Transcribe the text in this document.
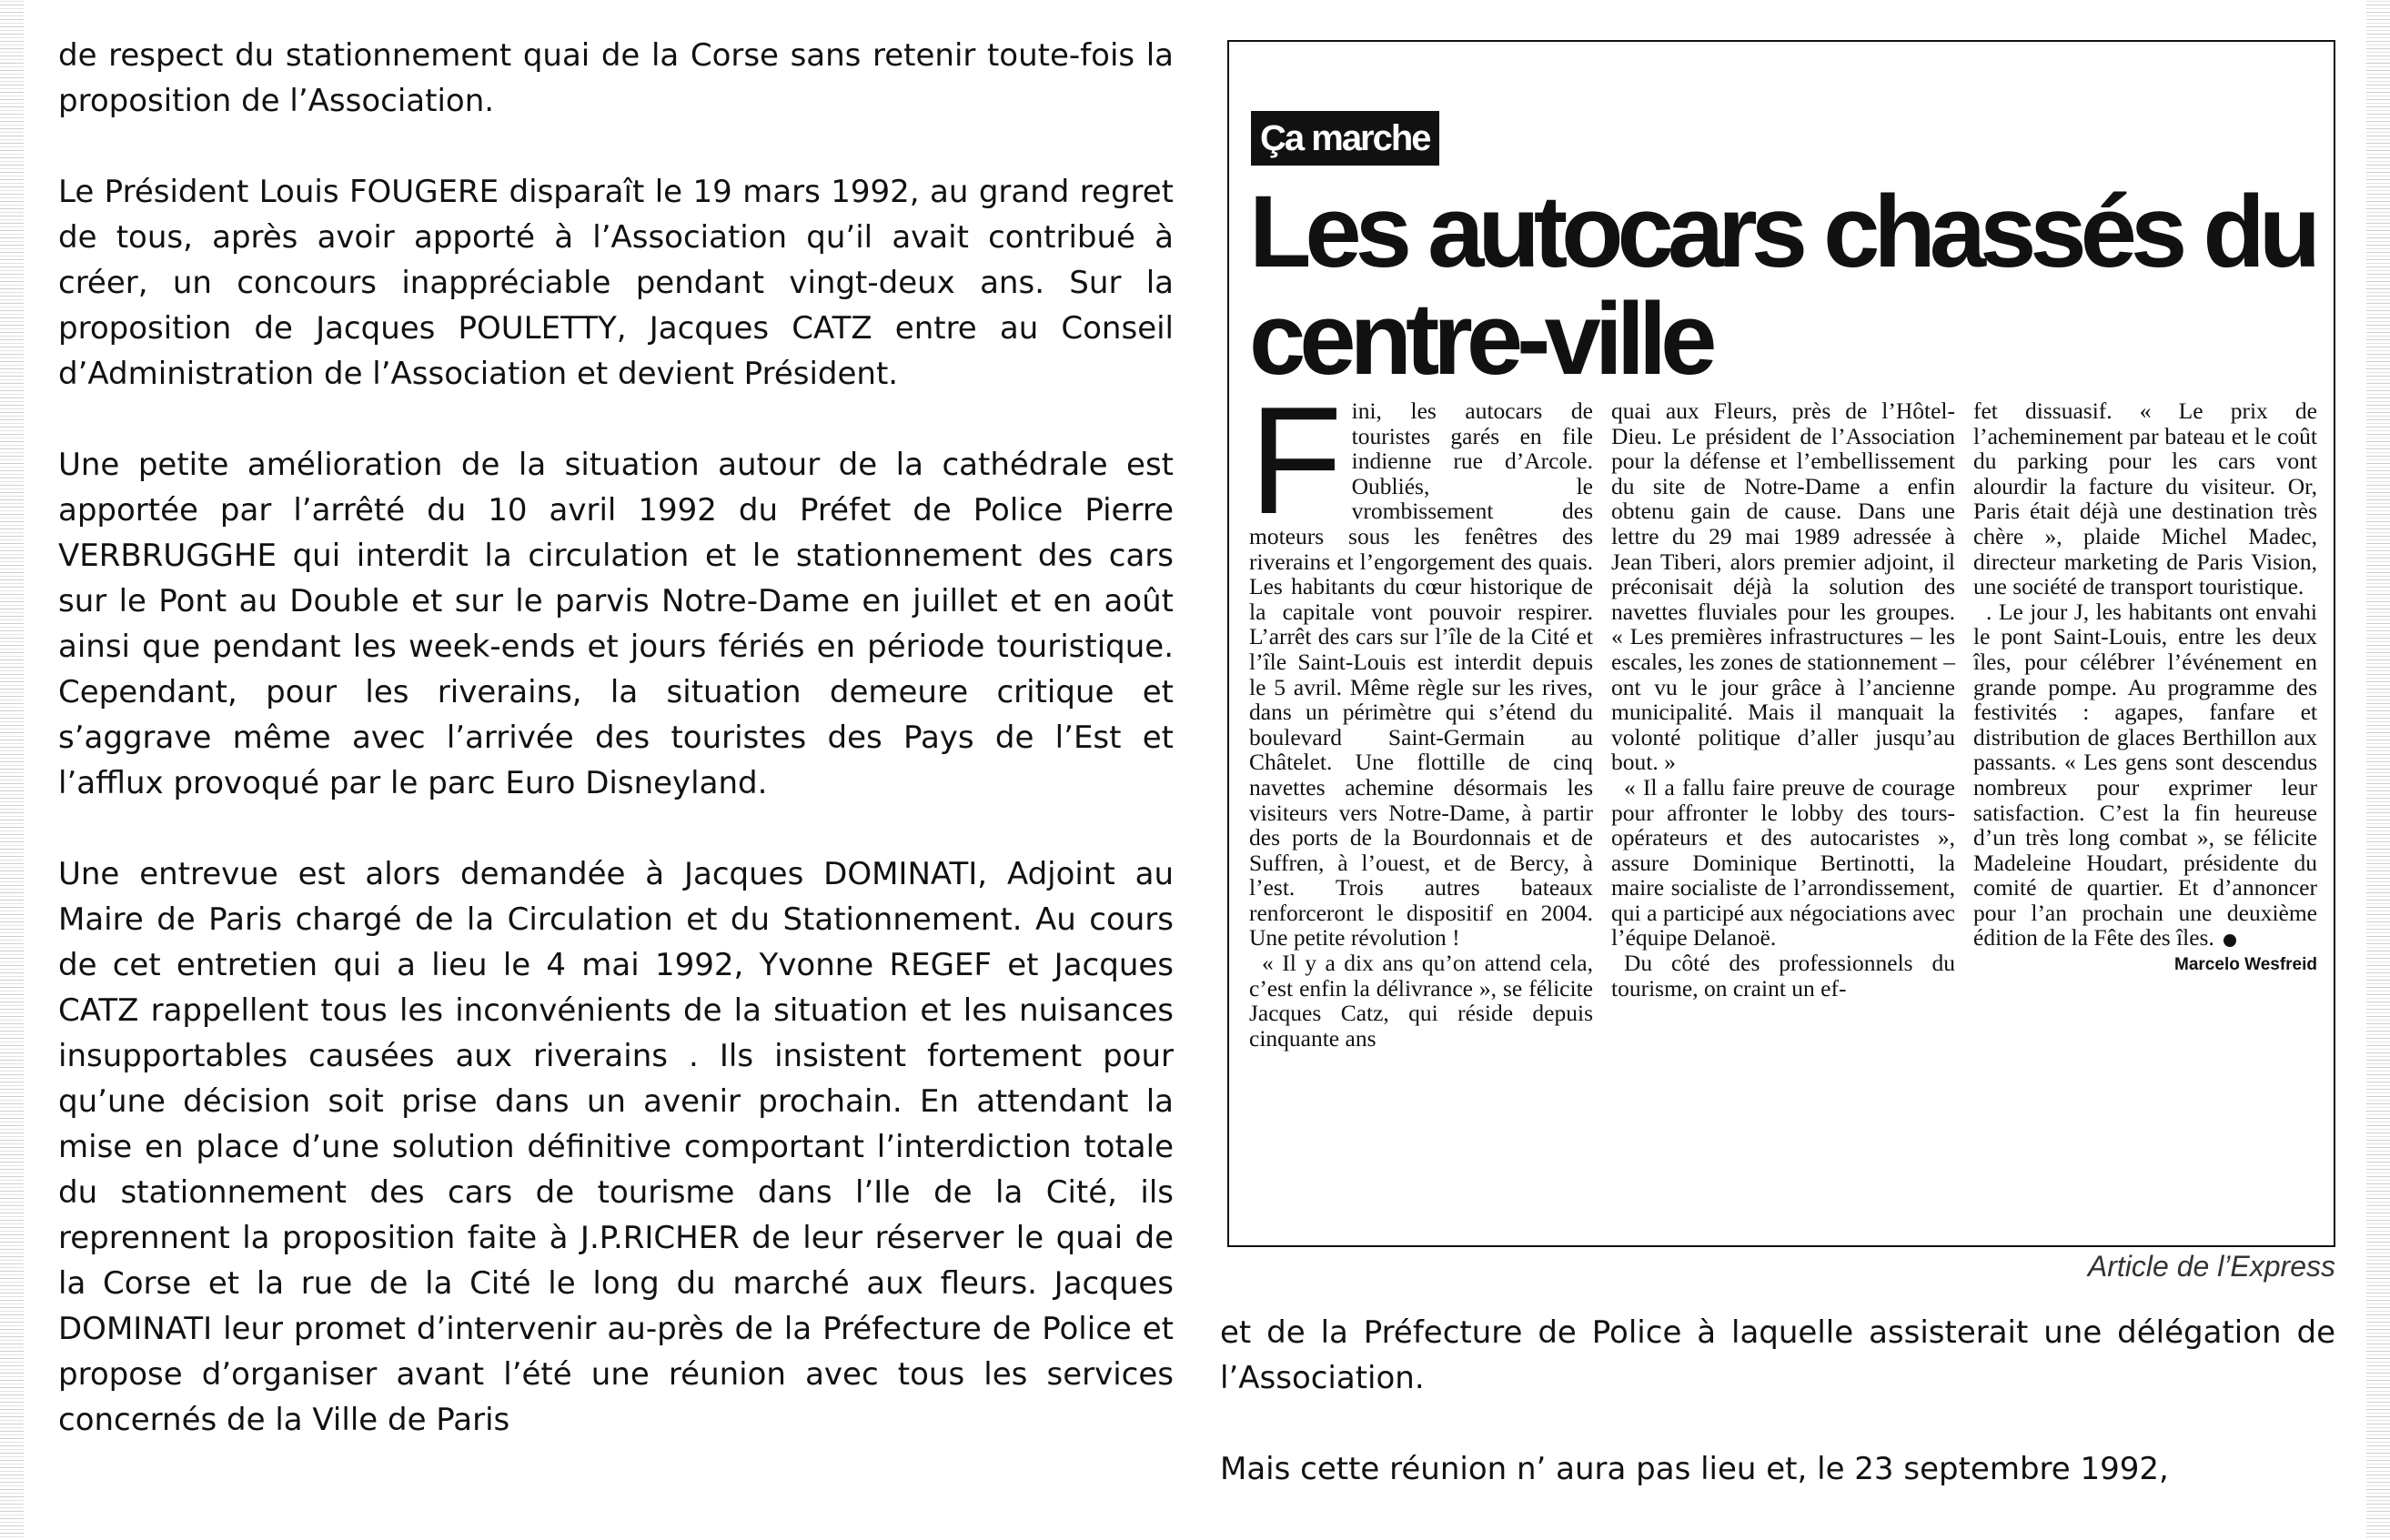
de respect du stationnement quai de la Corse sans retenir toute-fois la proposition de l’Association.

Le Président Louis FOUGERE disparaît le 19 mars 1992, au grand regret de tous, après avoir apporté à l’Association qu’il avait contribué à créer, un concours inappréciable pendant vingt-deux ans. Sur la proposition de Jacques POULETTY, Jacques CATZ entre au Conseil d’Administration de l’Association et devient Président.

Une petite amélioration de la situation autour de la cathédrale est apportée par l’arrêté du 10 avril 1992 du Préfet de Police Pierre VERBRUGGHE qui interdit la circulation et le stationnement des cars sur le Pont au Double et sur le parvis Notre-Dame en juillet et en août ainsi que pendant les week-ends et jours fériés en période touristique. Cependant, pour les riverains, la situation demeure critique et s’aggrave même avec l’arrivée des touristes des Pays de l’Est et l’afflux provoqué par le parc Euro Disneyland.

Une entrevue est alors demandée à Jacques DOMINATI, Adjoint au Maire de Paris chargé de la Circulation et du Stationnement. Au cours de cet entretien qui a lieu le 4 mai 1992, Yvonne REGEF et Jacques CATZ rappellent tous les inconvénients de la situation et les nuisances insupportables causées aux riverains . Ils insistent fortement pour qu’une décision soit prise dans un avenir prochain. En attendant la mise en place d’une solution définitive comportant l’interdiction totale du stationnement des cars de tourisme dans l’Ile de la Cité, ils reprennent la proposition faite à J.P.RICHER de leur réserver le quai de la Corse et la rue de la Cité le long du marché aux fleurs. Jacques DOMINATI leur promet d’intervenir au-près de la Préfecture de Police et propose d’organiser avant l’été une réunion avec tous les services concernés de la Ville de Paris

Ça marche
Les autocars chassés du centre-ville

Fini, les autocars de touristes garés en file indienne rue d’Arcole. Oubliés, le vrombissement des moteurs sous les fenêtres des riverains et l’engorgement des quais. Les habitants du cœur historique de la capitale vont pouvoir respirer. L’arrêt des cars sur l’île de la Cité et l’île Saint-Louis est interdit depuis le 5 avril. Même règle sur les rives, dans un périmètre qui s’étend du boulevard Saint-Germain au Châtelet. Une flottille de cinq navettes achemine désormais les visiteurs vers Notre-Dame, à partir des ports de la Bourdonnais et de Suffren, à l’ouest, et de Bercy, à l’est. Trois autres bateaux renforceront le dispositif en 2004. Une petite révolution !

« Il y a dix ans qu’on attend cela, c’est enfin la délivrance », se félicite Jacques Catz, qui réside depuis cinquante ans

quai aux Fleurs, près de l’Hôtel-Dieu. Le président de l’Association pour la défense et l’embellissement du site de Notre-Dame a enfin obtenu gain de cause. Dans une lettre du 29 mai 1989 adressée à Jean Tiberi, alors premier adjoint, il préconisait déjà la solution des navettes fluviales pour les groupes. « Les premières infrastructures – les escales, les zones de stationnement – ont vu le jour grâce à l’ancienne municipalité. Mais il manquait la volonté politique d’aller jusqu’au bout. »

« Il a fallu faire preuve de courage pour affronter le lobby des tours-opérateurs et des autocaristes », assure Dominique Bertinotti, la maire socialiste de l’arrondissement, qui a participé aux négociations avec l’équipe Delanoë.

Du côté des professionnels du tourisme, on craint un ef-

fet dissuasif. « Le prix de l’acheminement par bateau et le coût du parking pour les cars vont alourdir la facture du visiteur. Or, Paris était déjà une destination très chère », plaide Michel Madec, directeur marketing de Paris Vision, une société de transport touristique.

. Le jour J, les habitants ont envahi le pont Saint-Louis, entre les deux îles, pour célébrer l’événement en grande pompe. Au programme des festivités : agapes, fanfare et distribution de glaces Berthillon aux passants. « Les gens sont descendus nombreux pour exprimer leur satisfaction. C’est la fin heureuse d’un très long combat », se félicite Madeleine Houdart, présidente du comité de quartier. Et d’annoncer pour l’an prochain une deuxième édition de la Fête des îles.

Marcelo Wesfreid
Article de l’Express

et de la Préfecture de Police à laquelle assisterait une délégation de l’Association.

Mais cette réunion n’ aura pas lieu et, le 23 septembre 1992,
